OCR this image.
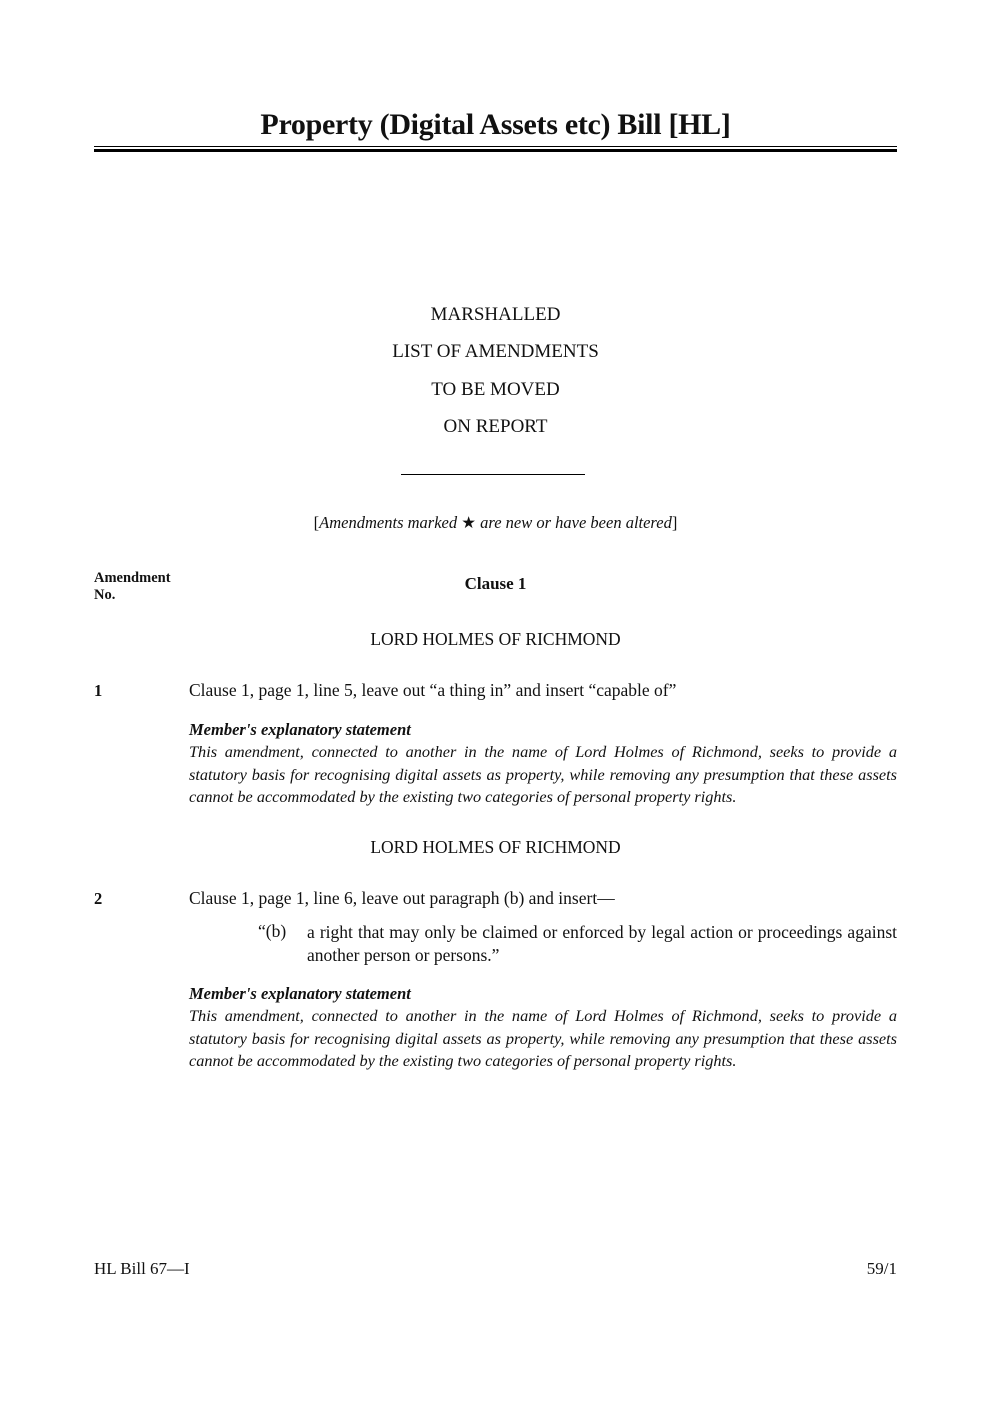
Property (Digital Assets etc) Bill [HL]
MARSHALLED
LIST OF AMENDMENTS
TO BE MOVED
ON REPORT
[Amendments marked ★ are new or have been altered]
Amendment
No.
Clause 1
LORD HOLMES OF RICHMOND
1	Clause 1, page 1, line 5, leave out “a thing in” and insert “capable of”
Member's explanatory statement
This amendment, connected to another in the name of Lord Holmes of Richmond, seeks to provide a statutory basis for recognising digital assets as property, while removing any presumption that these assets cannot be accommodated by the existing two categories of personal property rights.
LORD HOLMES OF RICHMOND
2	Clause 1, page 1, line 6, leave out paragraph (b) and insert—
“(b) a right that may only be claimed or enforced by legal action or proceedings against another person or persons.”
Member's explanatory statement
This amendment, connected to another in the name of Lord Holmes of Richmond, seeks to provide a statutory basis for recognising digital assets as property, while removing any presumption that these assets cannot be accommodated by the existing two categories of personal property rights.
HL Bill 67—I	59/1
